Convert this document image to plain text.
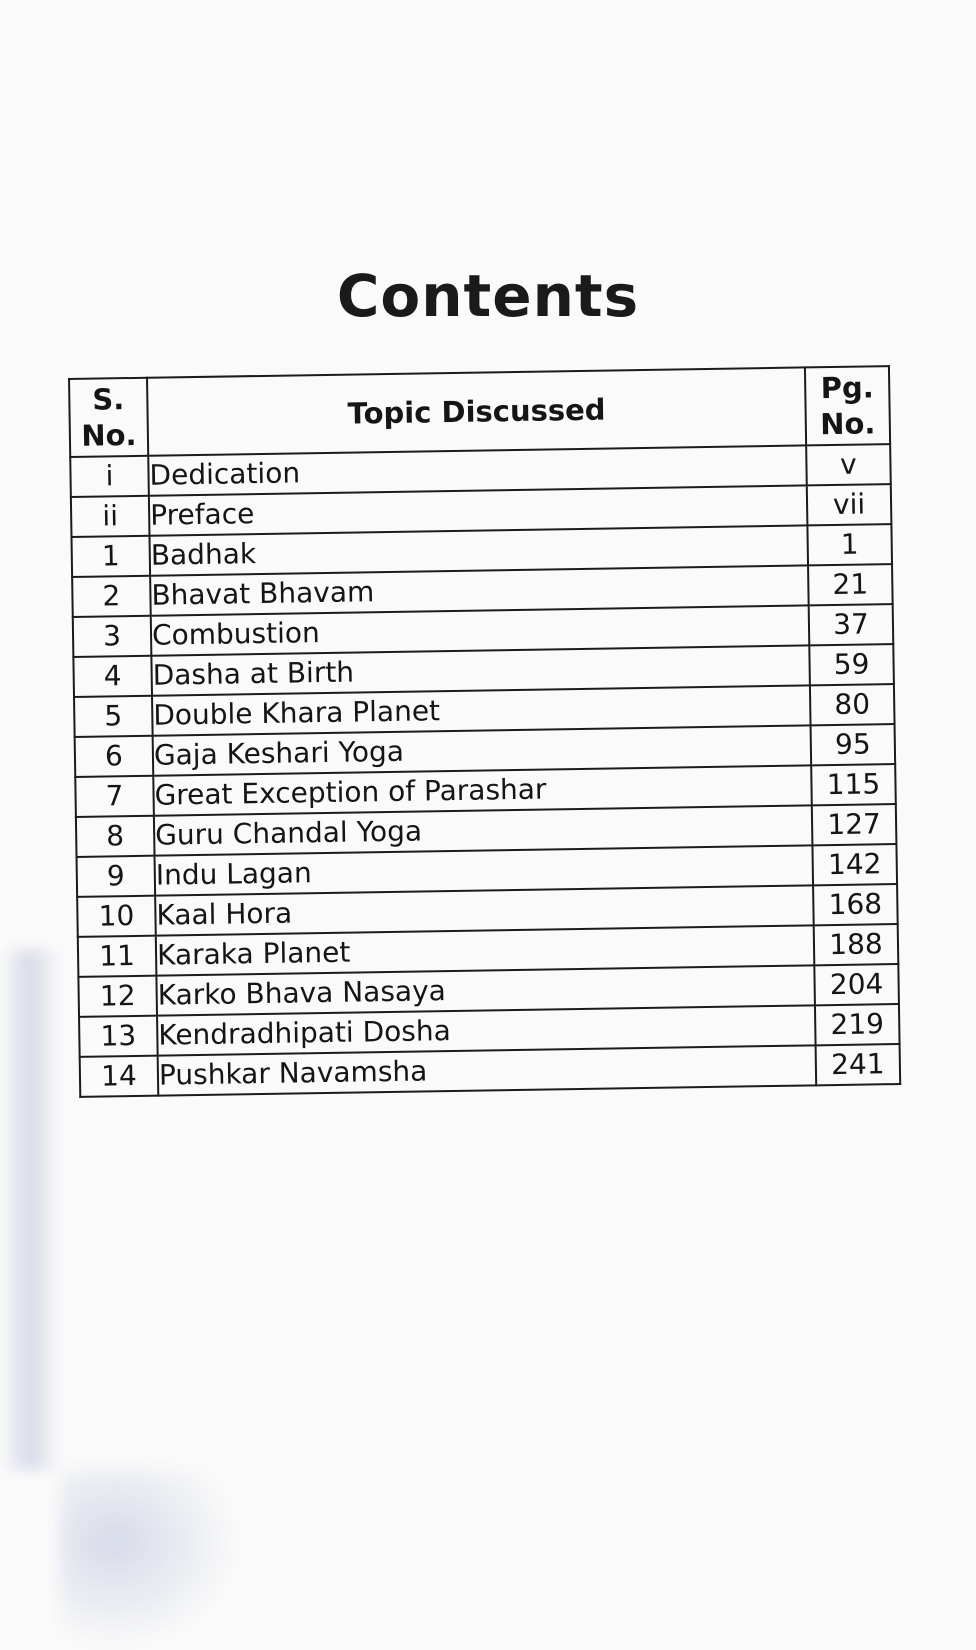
Contents
S. No.	Topic Discussed	Pg. No.
i	Dedication	v
ii	Preface	vii
1	Badhak	1
2	Bhavat Bhavam	21
3	Combustion	37
4	Dasha at Birth	59
5	Double Khara Planet	80
6	Gaja Keshari Yoga	95
7	Great Exception of Parashar	115
8	Guru Chandal Yoga	127
9	Indu Lagan	142
10	Kaal Hora	168
11	Karaka Planet	188
12	Karko Bhava Nasaya	204
13	Kendradhipati Dosha	219
14	Pushkar Navamsha	241
